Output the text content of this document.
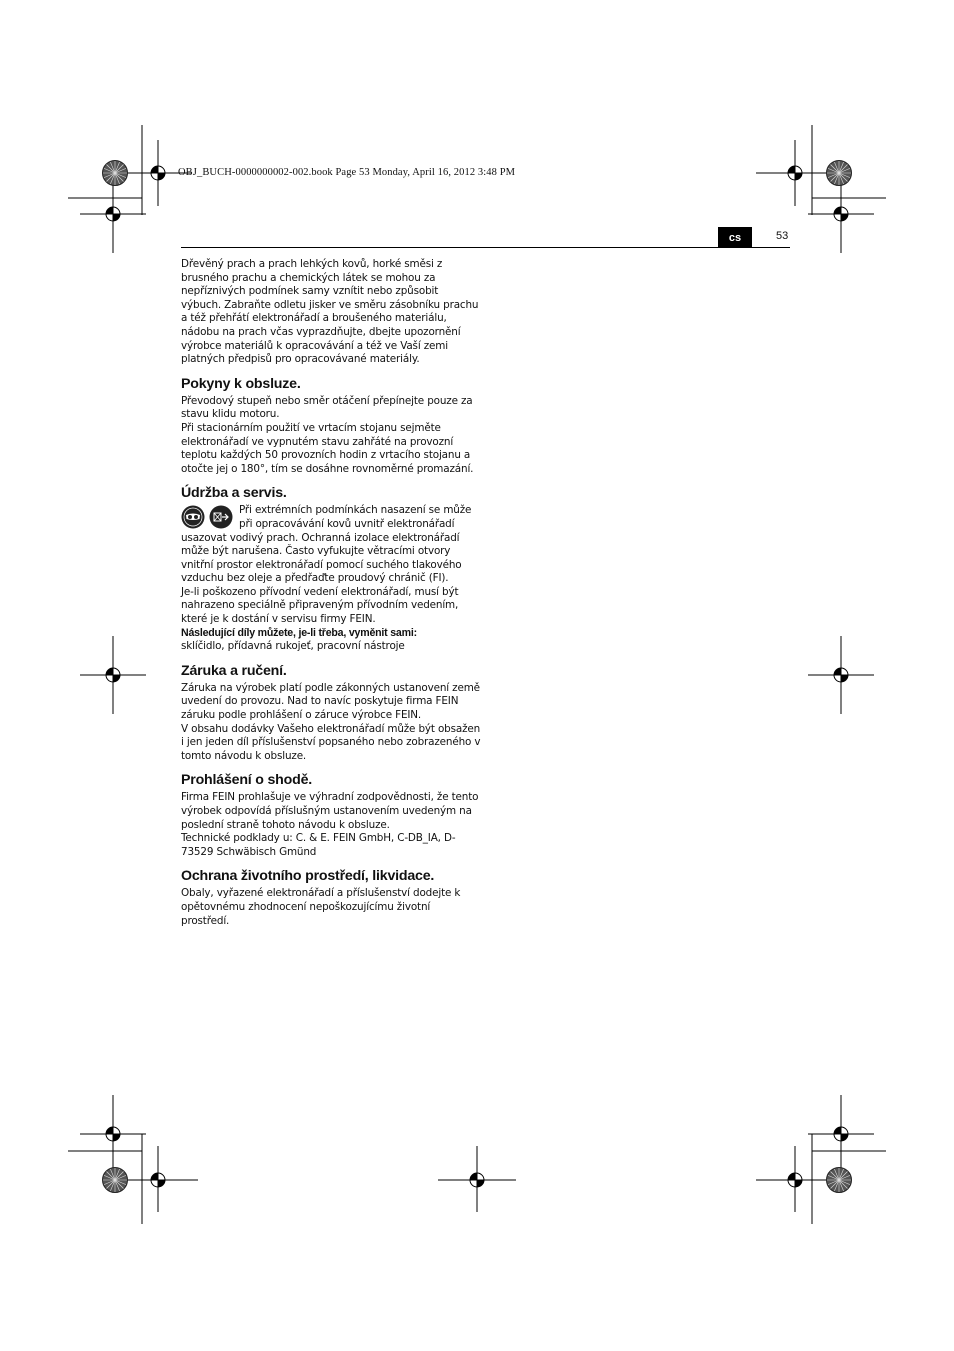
OBJ_BUCH-0000000002-002.book Page 53 Monday, April 16, 2012 3:48 PM
cs	53

Dřevěný prach a prach lehkých kovů, horké směsi z brusného prachu a chemických látek se mohou za nepříznivých podmínek samy vznítit nebo způsobit výbuch. Zabraňte odletu jisker ve směru zásobníku prachu a též přehřátí elektronářadí a broušeného materiálu, nádobu na prach včas vyprazdňujte, dbejte upozornění výrobce materiálů k opracovávání a též ve Vaší zemi platných předpisů pro opracovávané materiály.

Pokyny k obsluze.

Převodový stupeň nebo směr otáčení přepínejte pouze za stavu klidu motoru.

Při stacionárním použití ve vrtacím stojanu sejměte elektronářadí ve vypnutém stavu zahřáté na provozní teplotu každých 50 provozních hodin z vrtacího stojanu a otočte jej o 180°, tím se dosáhne rovnoměrné promazání.

Údržba a servis.

Při extrémních podmínkách nasazení se může při opracovávání kovů uvnitř elektronářadí usazovat vodivý prach. Ochranná izolace elektronářadí může být narušena. Často vyfukujte větracími otvory vnitřní prostor elektronářadí pomocí suchého tlakového vzduchu bez oleje a předřaďte proudový chránič (FI).

Je-li poškozeno přívodní vedení elektronářadí, musí být nahrazeno speciálně připraveným přívodním vedením, které je k dostání v servisu firmy FEIN.

Následující díly můžete, je-li třeba, vyměnit sami:

sklíčidlo, přídavná rukojeť, pracovní nástroje

Záruka a ručení.

Záruka na výrobek platí podle zákonných ustanovení země uvedení do provozu. Nad to navíc poskytuje firma FEIN záruku podle prohlášení o záruce výrobce FEIN.

V obsahu dodávky Vašeho elektronářadí může být obsažen i jen jeden díl příslušenství popsaného nebo zobrazeného v tomto návodu k obsluze.

Prohlášení o shodě.

Firma FEIN prohlašuje ve výhradní zodpovědnosti, že tento výrobek odpovídá příslušným ustanovením uvedeným na poslední straně tohoto návodu k obsluze.

Technické podklady u: C. & E. FEIN GmbH, C-DB_IA, D-73529 Schwäbisch Gmünd

Ochrana životního prostředí, likvidace.

Obaly, vyřazené elektronářadí a příslušenství dodejte k opětovnému zhodnocení nepoškozujícímu životní prostředí.
